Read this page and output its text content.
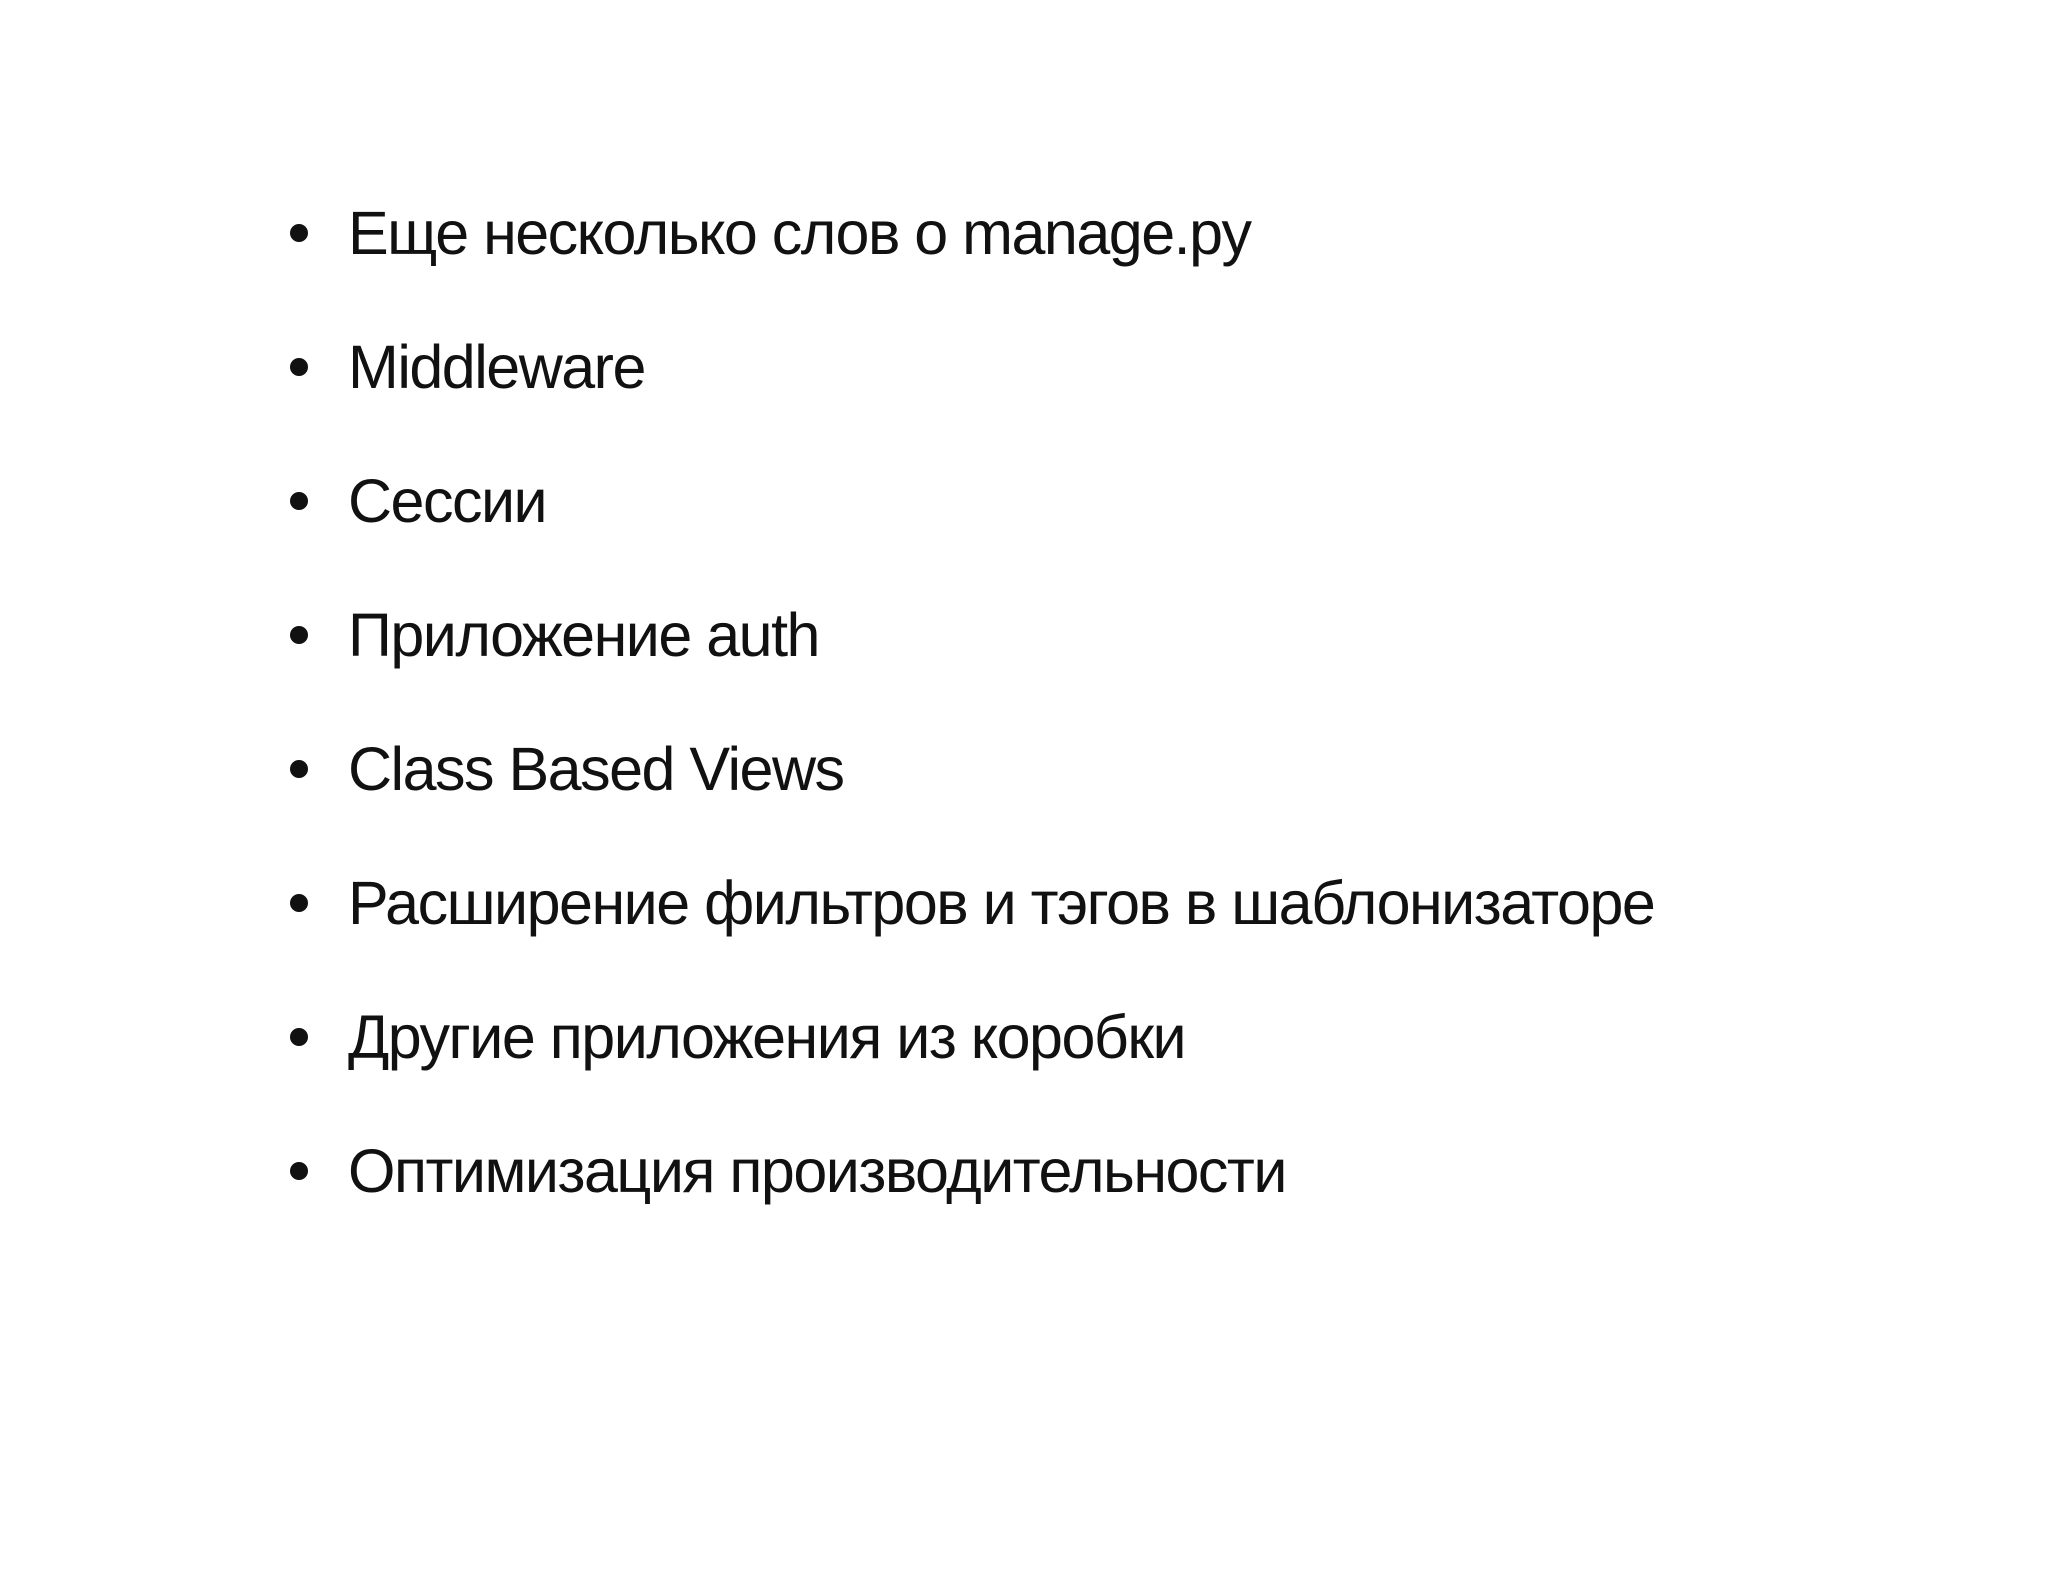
Еще несколько слов о manage.py
Middleware
Сессии
Приложение auth
Class Based Views
Расширение фильтров и тэгов в шаблонизаторе
Другие приложения из коробки
Оптимизация производительности
